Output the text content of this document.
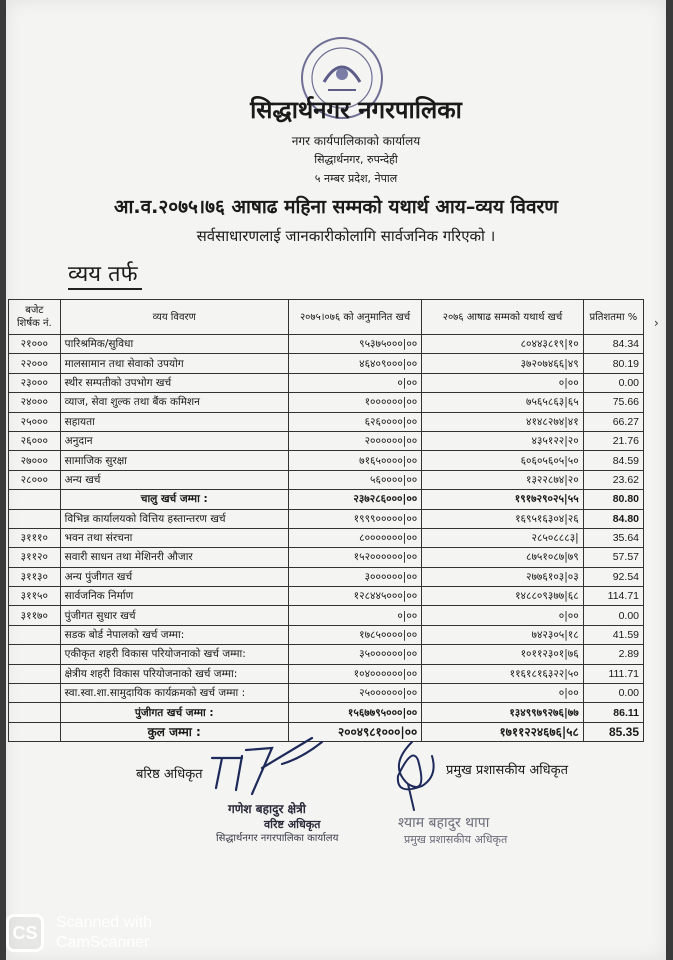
सिद्धार्थनगर नगरपालिका
नगर कार्यपालिकाको कार्यालय
सिद्धार्थनगर, रुपन्देही
५ नम्बर प्रदेश, नेपाल
आ.व.२०७५।७६ आषाढ महिना सम्मको यथार्थ आय–व्यय विवरण
सर्वसाधारणलाई जानकारीकोलागि सार्वजनिक गरिएको ।
व्यय तर्फ
›
बजेट शिर्षक नं.	व्यय विवरण	२०७५।०७६ को अनुमानित खर्च	२०७६ आषाढ सम्मको यथार्थ खर्च	प्रतिशतमा %
२१०००	पारिश्रमिक/सुविधा	९५३७५०००|००	८०४४३८१९|१०	84.34
२२०००	मालसामान तथा सेवाको उपयोग	४६४०९०००|००	३७२०७४६६|४९	80.19
२३०००	स्थीर सम्पतीको उपभोग खर्च	०|००	०|००	0.00
२४०००	व्याज, सेवा शुल्क तथा बैंक कमिशन	१००००००|००	७५६५८६३|६५	75.66
२५०००	सहायता	६२६००००|००	४१४८२७४|४१	66.27
२६०००	अनुदान	२००००००|००	४३५१२२|२०	21.76
२७०००	सामाजिक सुरक्षा	७१६५००००|००	६०६०५६०५|५०	84.59
२८०००	अन्य खर्च	५६००००|००	१३२२८७४|२०	23.62
	चालु खर्च जम्मा :	२३७२८६०००|००	१९१७२९०२५|५५	80.80
	विभिन्न कार्यालयको वित्तिय हस्तान्तरण खर्च	१९९९०००००|००	१६९५१६३०४|२६	84.80
३१११०	भवन तथा संरचना	८०००००००|००	२८५०८८८३|	35.64
३११२०	सवारी साधन तथा मेशिनरी औजार	१५२००००००|००	८७५१०८७|७९	57.57
३११३०	अन्य पुंजीगत खर्च	३००००००|००	२७७६१०३|०३	92.54
३११५०	सार्वजनिक निर्माण	१२८४४५०००|००	१४८८०९३७७|६८	114.71
३११७०	पुंजीगत सुधार खर्च	०|००	०|००	0.00
	सडक बोर्ड नेपालको खर्च जम्मा:	१७८५००००|००	७४२३०५|१८	41.59
	एकीकृत शहरी विकास परियोजनाको खर्च जम्मा:	३५००००००|००	१०११२३०१|७६	2.89
	क्षेत्रीय शहरी विकास परियोजनाको खर्च जम्मा:	१०४००००००|००	११६१८१६३२२|५०	111.71
	स्वा.स्वा.शा.सामुदायिक कार्यक्रमको खर्च जम्मा :	२५००००००|००	०|००	0.00
	पुंजीगत खर्च जम्मा :	१५६७७९५०००|००	१३४९९७९२७६|७७	86.11
	कुल जम्मा :	२००४९८१०००|००	१७११२२४६७६|५८	85.35
बरिष्ठ अधिकृत
गणेश बहादुर क्षेत्री
वरिष्ट अधिकृत
सिद्धार्थनगर नगरपालिका कार्यालय
प्रमुख प्रशासकीय अधिकृत
श्याम बहादुर थापा
प्रमुख प्रशासकीय अधिकृत
CS
Scanned with
CamScanner
